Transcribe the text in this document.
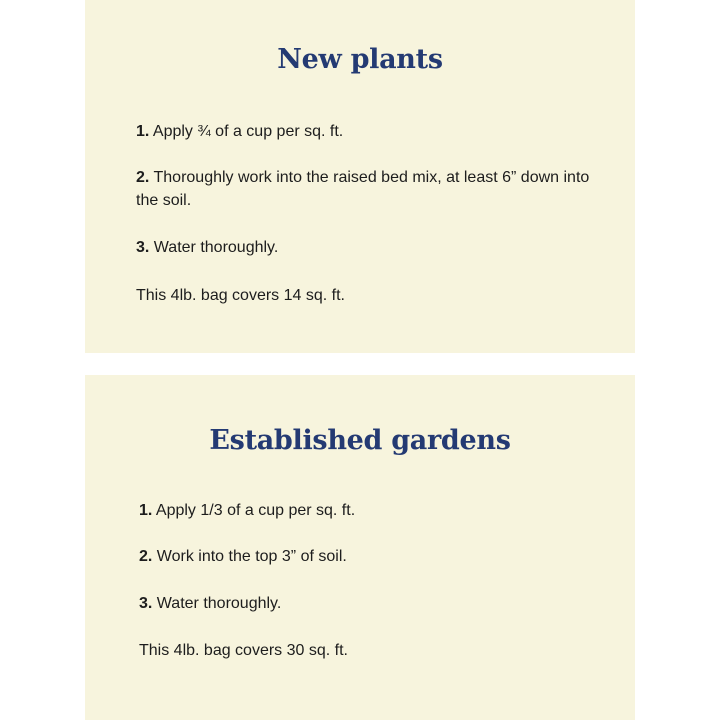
New plants

1. Apply ¾ of a cup per sq. ft.

2. Thoroughly work into the raised bed mix, at least 6” down into the soil.

3. Water thoroughly.

This 4lb. bag covers 14 sq. ft.

Established gardens

1. Apply 1/3 of a cup per sq. ft.

2. Work into the top 3” of soil.

3. Water thoroughly.

This 4lb. bag covers 30 sq. ft.
